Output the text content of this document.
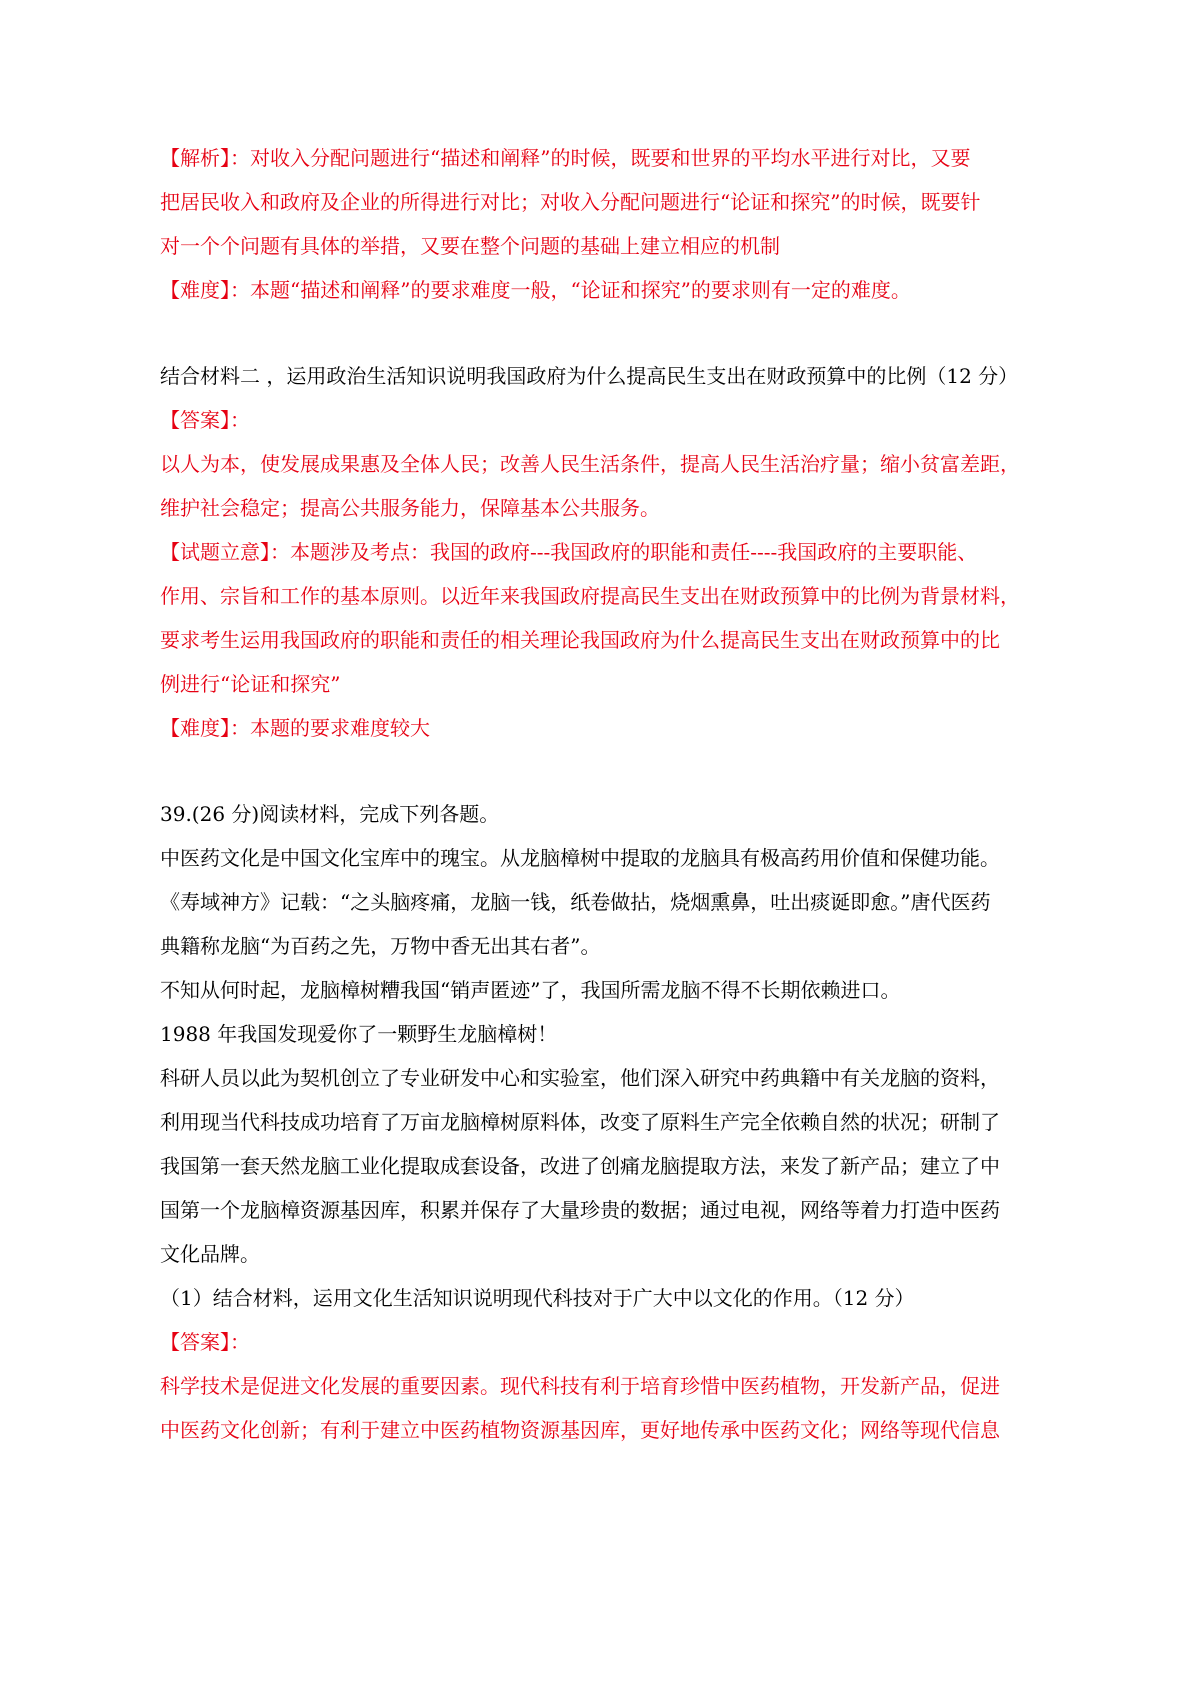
【解析】：对收入分配问题进行“描述和阐释”的时候，既要和世界的平均水平进行对比，又要
把居民收入和政府及企业的所得进行对比；对收入分配问题进行“论证和探究”的时候，既要针
对一个个问题有具体的举措，又要在整个问题的基础上建立相应的机制
【难度】：本题“描述和阐释”的要求难度一般，“论证和探究”的要求则有一定的难度。
结合材料二 ，运用政治生活知识说明我国政府为什么提高民生支出在财政预算中的比例（12 分）
【答案】：
以人为本，使发展成果惠及全体人民；改善人民生活条件，提高人民生活治疗量；缩小贫富差距，
维护社会稳定；提高公共服务能力，保障基本公共服务。
【试题立意】：本题涉及考点：我国的政府---我国政府的职能和责任----我国政府的主要职能、
作用、宗旨和工作的基本原则。以近年来我国政府提高民生支出在财政预算中的比例为背景材料，
要求考生运用我国政府的职能和责任的相关理论我国政府为什么提高民生支出在财政预算中的比
例进行“论证和探究”
【难度】：本题的要求难度较大
39.(26 分)阅读材料，完成下列各题。
中医药文化是中国文化宝库中的瑰宝。从龙脑樟树中提取的龙脑具有极高药用价值和保健功能。
《寿域神方》记载：“之头脑疼痛，龙脑一钱，纸卷做拈，烧烟熏鼻，吐出痰诞即愈。”唐代医药
典籍称龙脑“为百药之先，万物中香无出其右者”。
不知从何时起，龙脑樟树糟我国“销声匿迹”了，我国所需龙脑不得不长期依赖进口。
1988 年我国发现爱你了一颗野生龙脑樟树！
科研人员以此为契机创立了专业研发中心和实验室，他们深入研究中药典籍中有关龙脑的资料，
利用现当代科技成功培育了万亩龙脑樟树原料体，改变了原料生产完全依赖自然的状况；研制了
我国第一套天然龙脑工业化提取成套设备，改进了创痛龙脑提取方法，来发了新产品；建立了中
国第一个龙脑樟资源基因库，积累并保存了大量珍贵的数据；通过电视，网络等着力打造中医药
文化品牌。
（1）结合材料，运用文化生活知识说明现代科技对于广大中以文化的作用。（12 分）
【答案】：
科学技术是促进文化发展的重要因素。现代科技有利于培育珍惜中医药植物，开发新产品，促进
中医药文化创新；有利于建立中医药植物资源基因库，更好地传承中医药文化；网络等现代信息
